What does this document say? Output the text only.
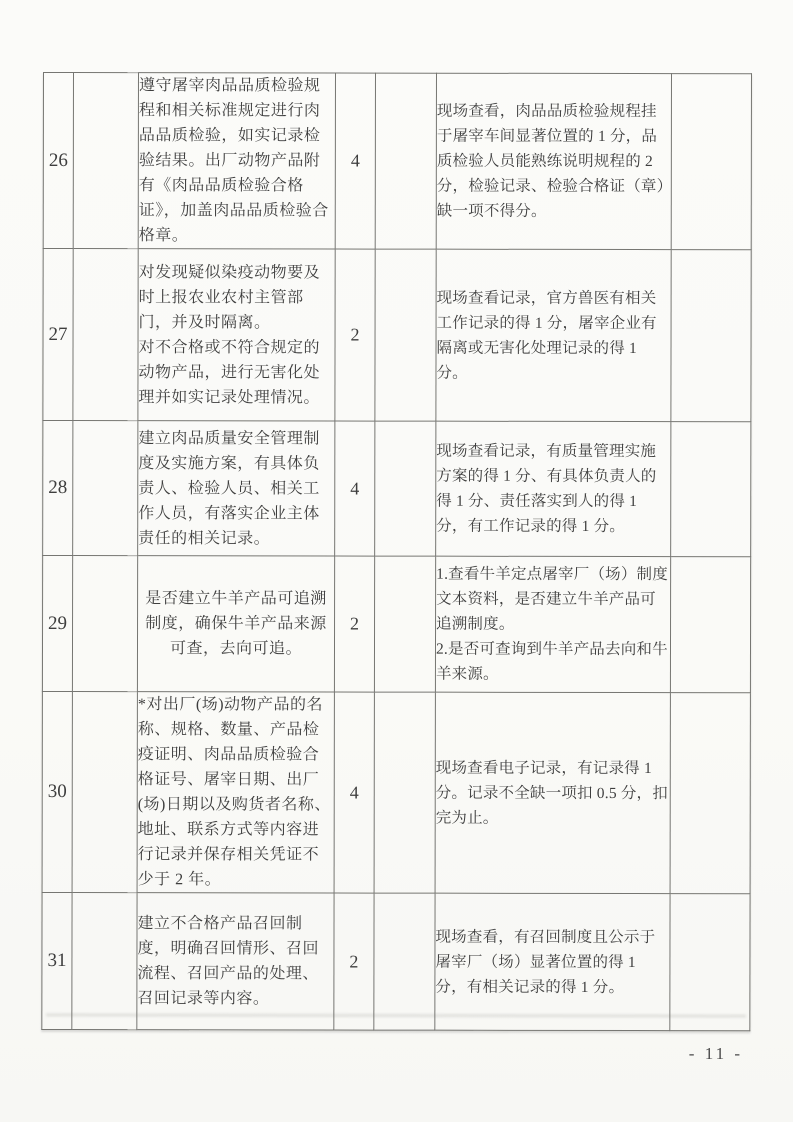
26		遵守屠宰肉品品质检验规程和相关标准规定进行肉品品质检验，如实记录检验结果。出厂动物产品附有《肉品品质检验合格证》，加盖肉品品质检验合格章。	4		现场查看，肉品品质检验规程挂于屠宰车间显著位置的 1 分，品质检验人员能熟练说明规程的 2 分，检验记录、检验合格证（章）缺一项不得分。	
27		对发现疑似染疫动物要及时上报农业农村主管部门，并及时隔离。　　　　对不合格或不符合规定的动物产品，进行无害化处理并如实记录处理情况。	2		现场查看记录，官方兽医有相关工作记录的得 1 分，屠宰企业有隔离或无害化处理记录的得 1 分。	
28		建立肉品质量安全管理制度及实施方案，有具体负责人、检验人员、相关工作人员，有落实企业主体责任的相关记录。	4		现场查看记录，有质量管理实施方案的得 1 分、有具体负责人的得 1 分、责任落实到人的得 1 分，有工作记录的得 1 分。	
29		是否建立牛羊产品可追溯制度，确保牛羊产品来源可查，去向可追。	2		1.查看牛羊定点屠宰厂（场）制度文本资料，是否建立牛羊产品可追溯制度。
2.是否可查询到牛羊产品去向和牛羊来源。	
30		*对出厂(场)动物产品的名称、规格、数量、产品检疫证明、肉品品质检验合格证号、屠宰日期、出厂(场)日期以及购货者名称、地址、联系方式等内容进行记录并保存相关凭证不少于 2 年。	4		现场查看电子记录，有记录得 1 分。记录不全缺一项扣 0.5 分，扣完为止。	
31		建立不合格产品召回制度，明确召回情形、召回流程、召回产品的处理、召回记录等内容。	2		现场查看，有召回制度且公示于屠宰厂（场）显著位置的得 1 分，有相关记录的得 1 分。	
- 11 -
